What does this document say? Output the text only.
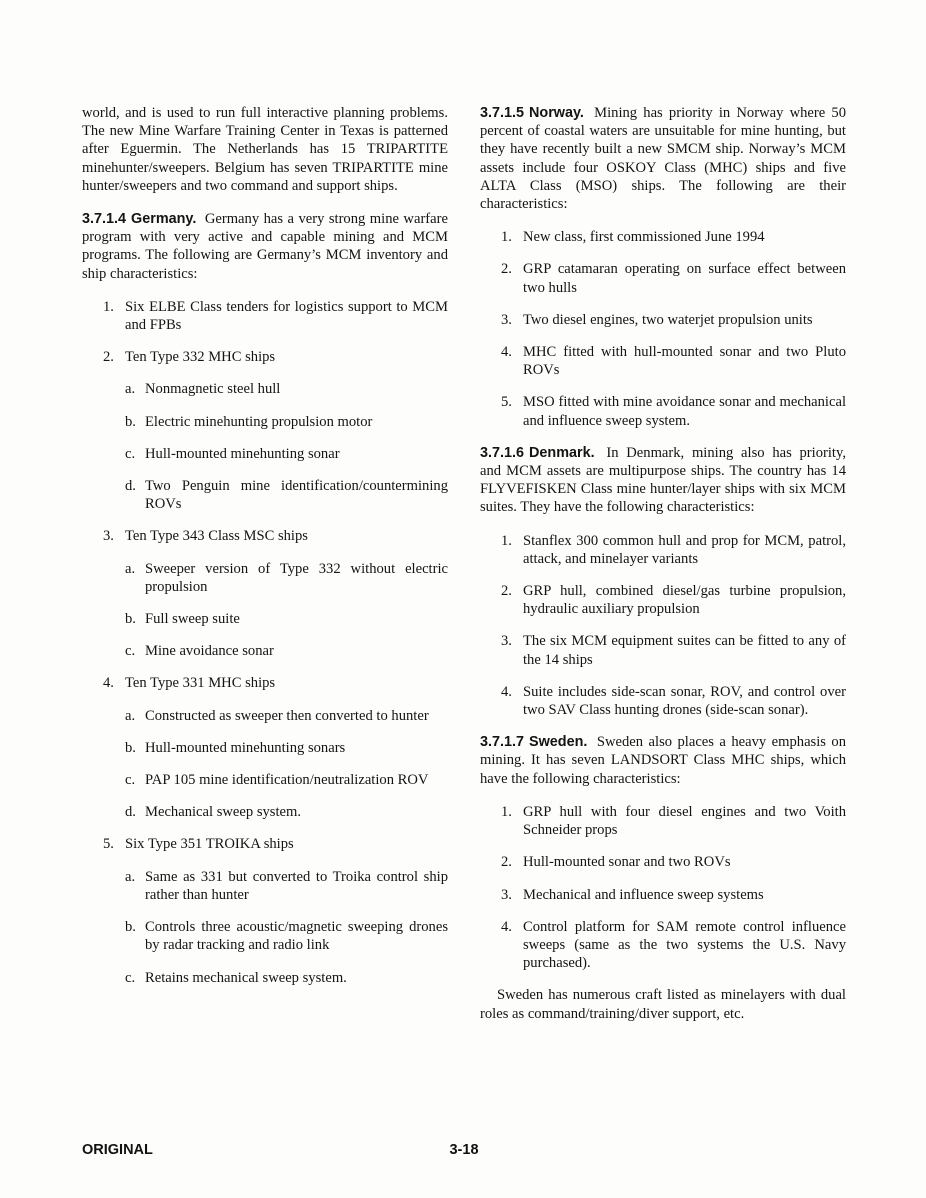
world, and is used to run full interactive planning problems. The new Mine Warfare Training Center in Texas is patterned after Eguermin. The Netherlands has 15 TRIPARTITE minehunter/sweepers. Belgium has seven TRIPARTITE mine hunter/sweepers and two command and support ships.

3.7.1.4 Germany. Germany has a very strong mine warfare program with very active and capable mining and MCM programs. The following are Germany’s MCM inventory and ship characteristics:

1. Six ELBE Class tenders for logistics support to MCM and FPBs
2. Ten Type 332 MHC ships
a. Nonmagnetic steel hull
b. Electric minehunting propulsion motor
c. Hull-mounted minehunting sonar
d. Two Penguin mine identification/countermining ROVs
3. Ten Type 343 Class MSC ships
a. Sweeper version of Type 332 without electric propulsion
b. Full sweep suite
c. Mine avoidance sonar
4. Ten Type 331 MHC ships
a. Constructed as sweeper then converted to hunter
b. Hull-mounted minehunting sonars
c. PAP 105 mine identification/neutralization ROV
d. Mechanical sweep system.
5. Six Type 351 TROIKA ships
a. Same as 331 but converted to Troika control ship rather than hunter
b. Controls three acoustic/magnetic sweeping drones by radar tracking and radio link
c. Retains mechanical sweep system.

3.7.1.5 Norway. Mining has priority in Norway where 50 percent of coastal waters are unsuitable for mine hunting, but they have recently built a new SMCM ship. Norway’s MCM assets include four OSKOY Class (MHC) ships and five ALTA Class (MSO) ships. The following are their characteristics:

1. New class, first commissioned June 1994
2. GRP catamaran operating on surface effect between two hulls
3. Two diesel engines, two waterjet propulsion units
4. MHC fitted with hull-mounted sonar and two Pluto ROVs
5. MSO fitted with mine avoidance sonar and mechanical and influence sweep system.

3.7.1.6 Denmark. In Denmark, mining also has priority, and MCM assets are multipurpose ships. The country has 14 FLYVEFISKEN Class mine hunter/layer ships with six MCM suites. They have the following characteristics:

1. Stanflex 300 common hull and prop for MCM, patrol, attack, and minelayer variants
2. GRP hull, combined diesel/gas turbine propulsion, hydraulic auxiliary propulsion
3. The six MCM equipment suites can be fitted to any of the 14 ships
4. Suite includes side-scan sonar, ROV, and control over two SAV Class hunting drones (side-scan sonar).

3.7.1.7 Sweden. Sweden also places a heavy emphasis on mining. It has seven LANDSORT Class MHC ships, which have the following characteristics:

1. GRP hull with four diesel engines and two Voith Schneider props
2. Hull-mounted sonar and two ROVs
3. Mechanical and influence sweep systems
4. Control platform for SAM remote control influence sweeps (same as the two systems the U.S. Navy purchased).

Sweden has numerous craft listed as minelayers with dual roles as command/training/diver support, etc.

ORIGINAL	3-18
